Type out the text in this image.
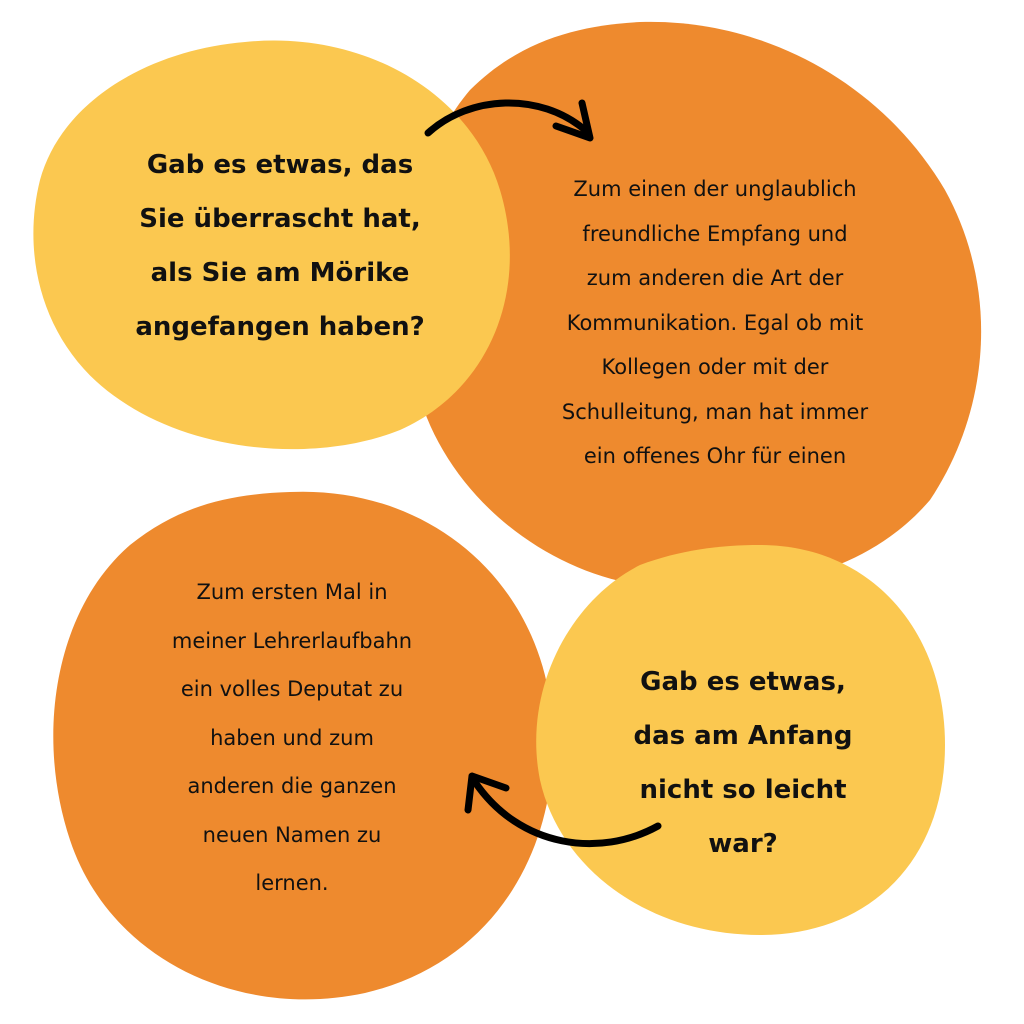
Gab es etwas, das
Sie überrascht hat,
als Sie am Mörike
angefangen haben?
Zum einen der unglaublich
freundliche Empfang und
zum anderen die Art der
Kommunikation. Egal ob mit
Kollegen oder mit der
Schulleitung, man hat immer
ein offenes Ohr für einen
Gab es etwas,
das am Anfang
nicht so leicht
war?
Zum ersten Mal in
meiner Lehrerlaufbahn
ein volles Deputat zu
haben und zum
anderen die ganzen
neuen Namen zu
lernen.
